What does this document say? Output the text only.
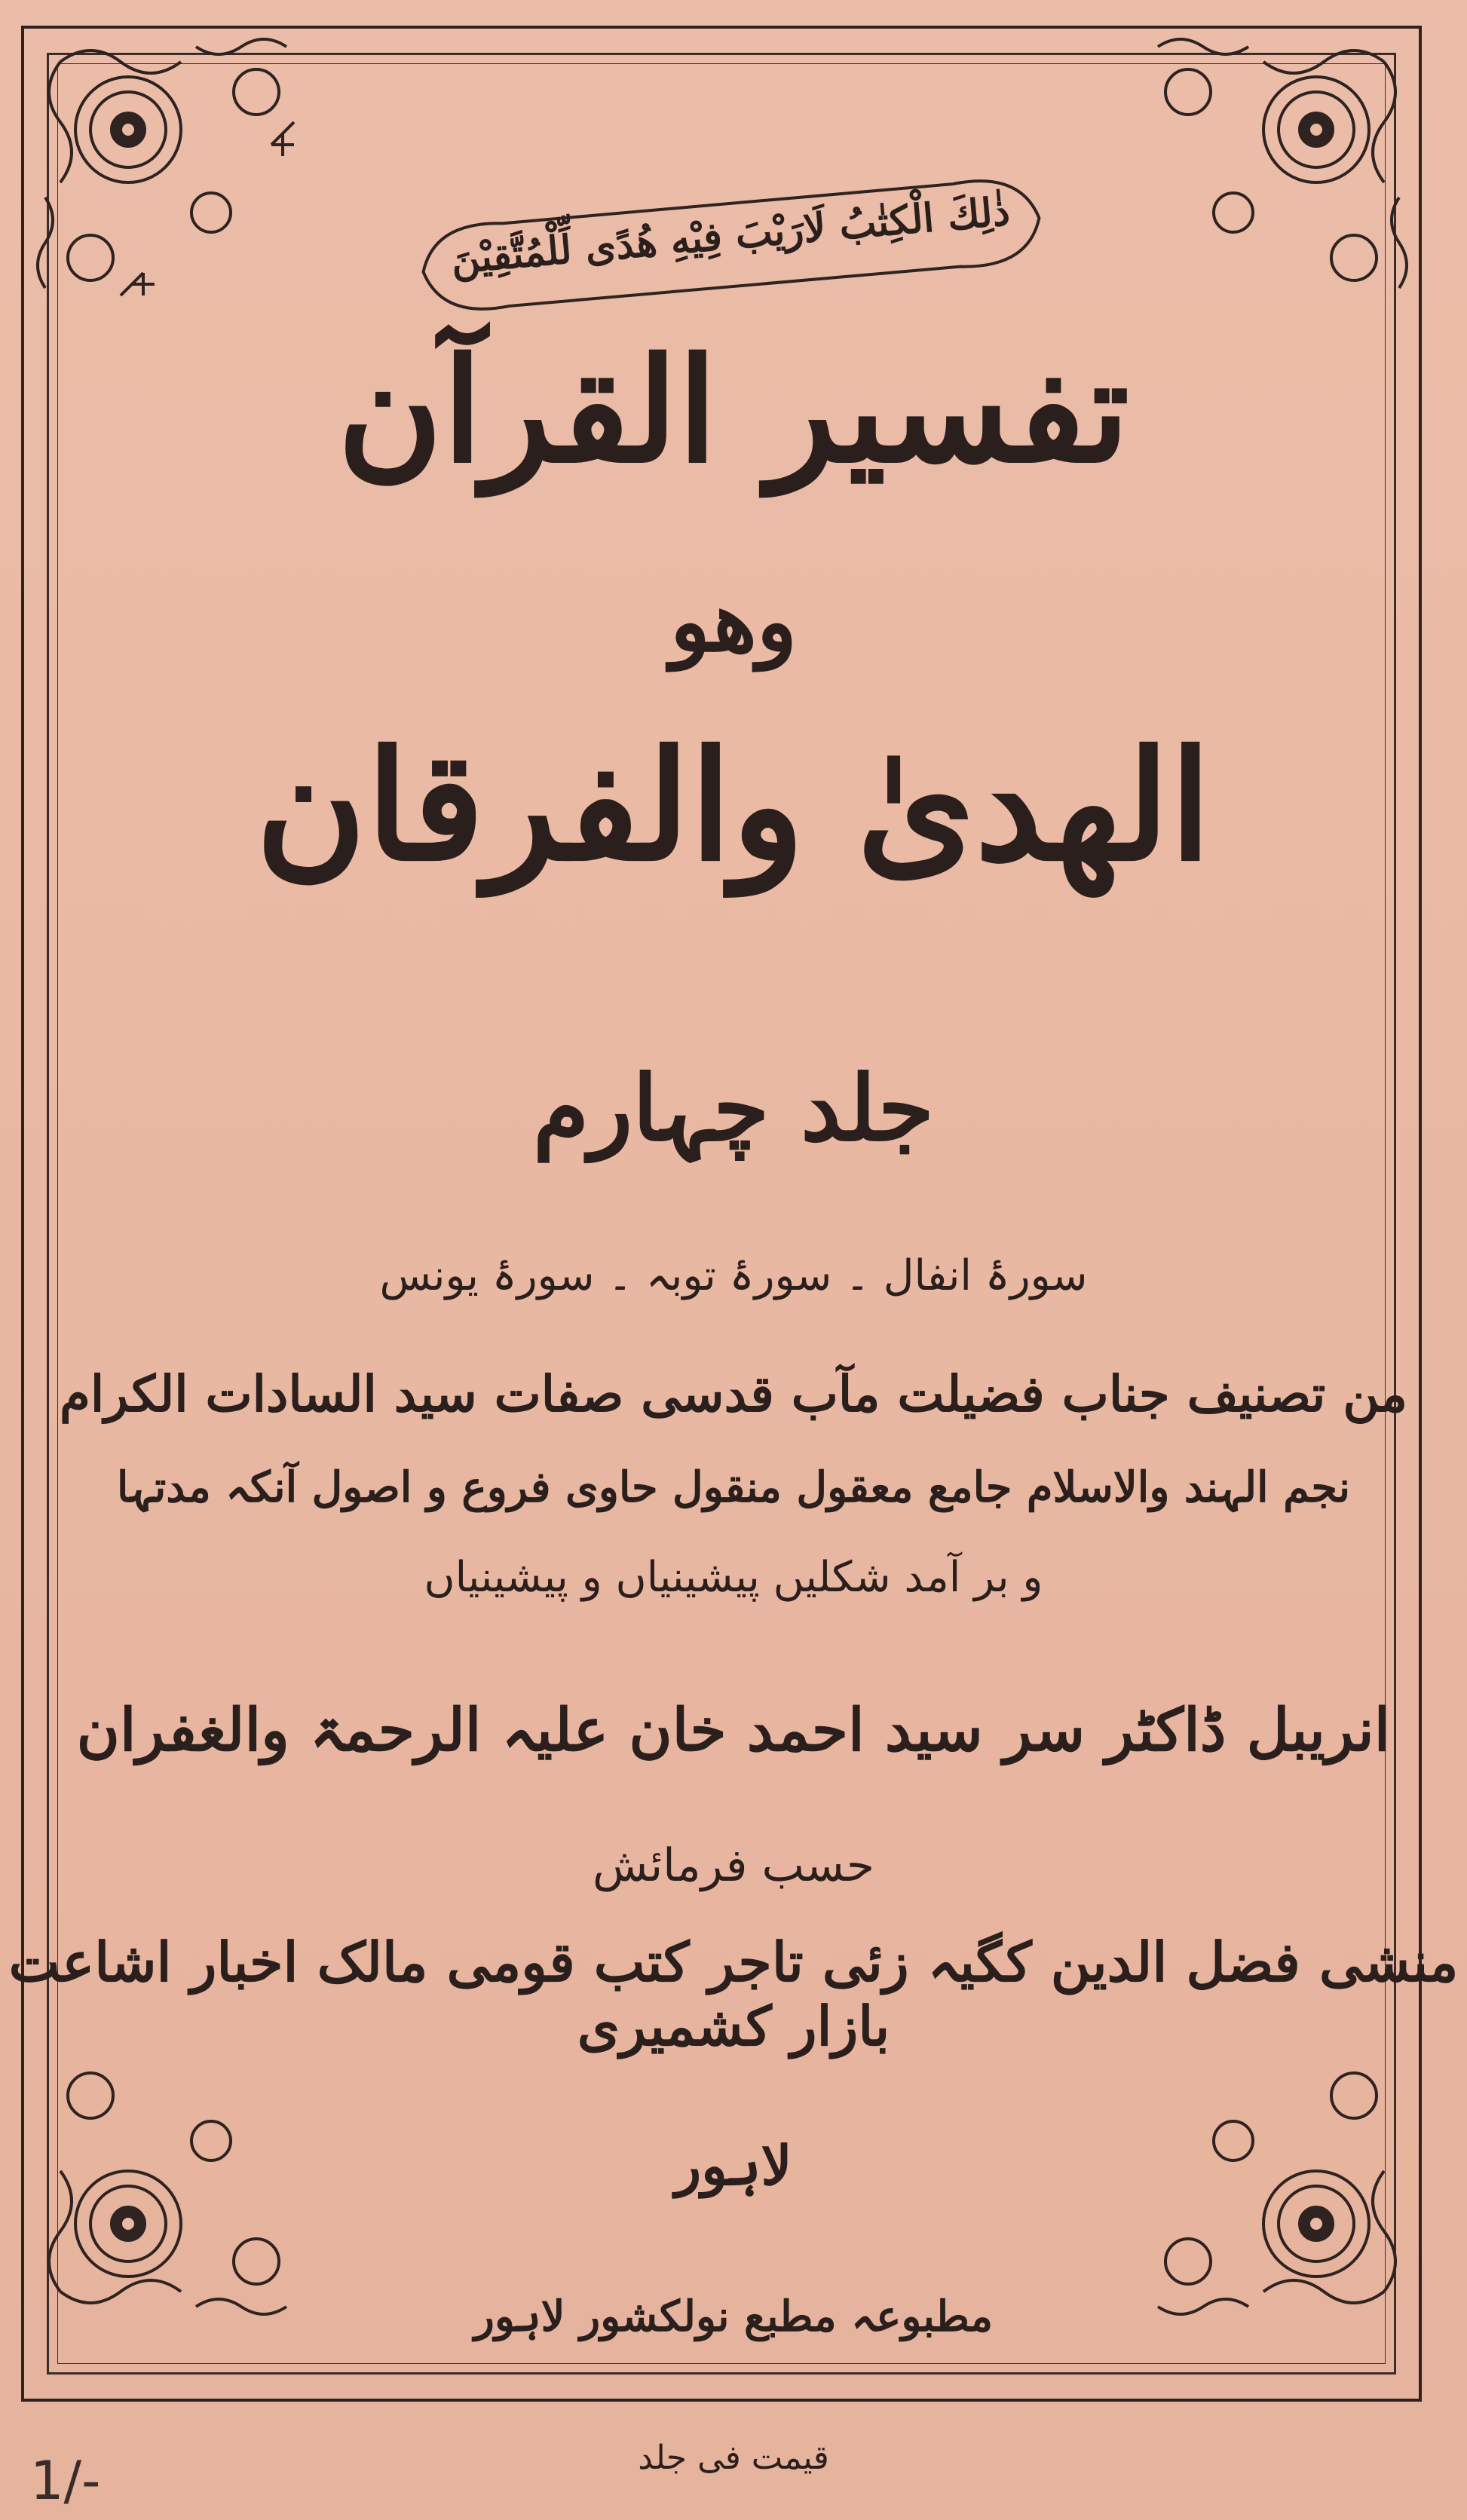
ذٰلِكَ الْكِتٰبُ لَارَيْبَ فِيْهِ هُدًى لِّلْمُتَّقِيْنَ
تفسیر القرآن
وھو
الھدیٰ والفرقان
جلد چہارم
سورۂ انفال ۔ سورۂ توبہ ۔ سورۂ یونس
من تصنیف جناب فضیلت مآب قدسی صفات سید السادات الکرام
نجم الہند والاسلام جامع معقول منقول حاوی فروع و اصول آنکہ مدتہا
و بر آمد شکلیں پیشینیاں و پیشینیاں
انریبل ڈاکٹر سر سید احمد خان علیہ الرحمۃ والغفران
حسب فرمائش
منشی فضل الدین کگیہ زئی تاجر کتب قومی مالک اخبار اشاعت بازار کشمیری
لاہور
مطبوعہ مطبع نولکشور لاہور
قیمت فی جلد
1/-
